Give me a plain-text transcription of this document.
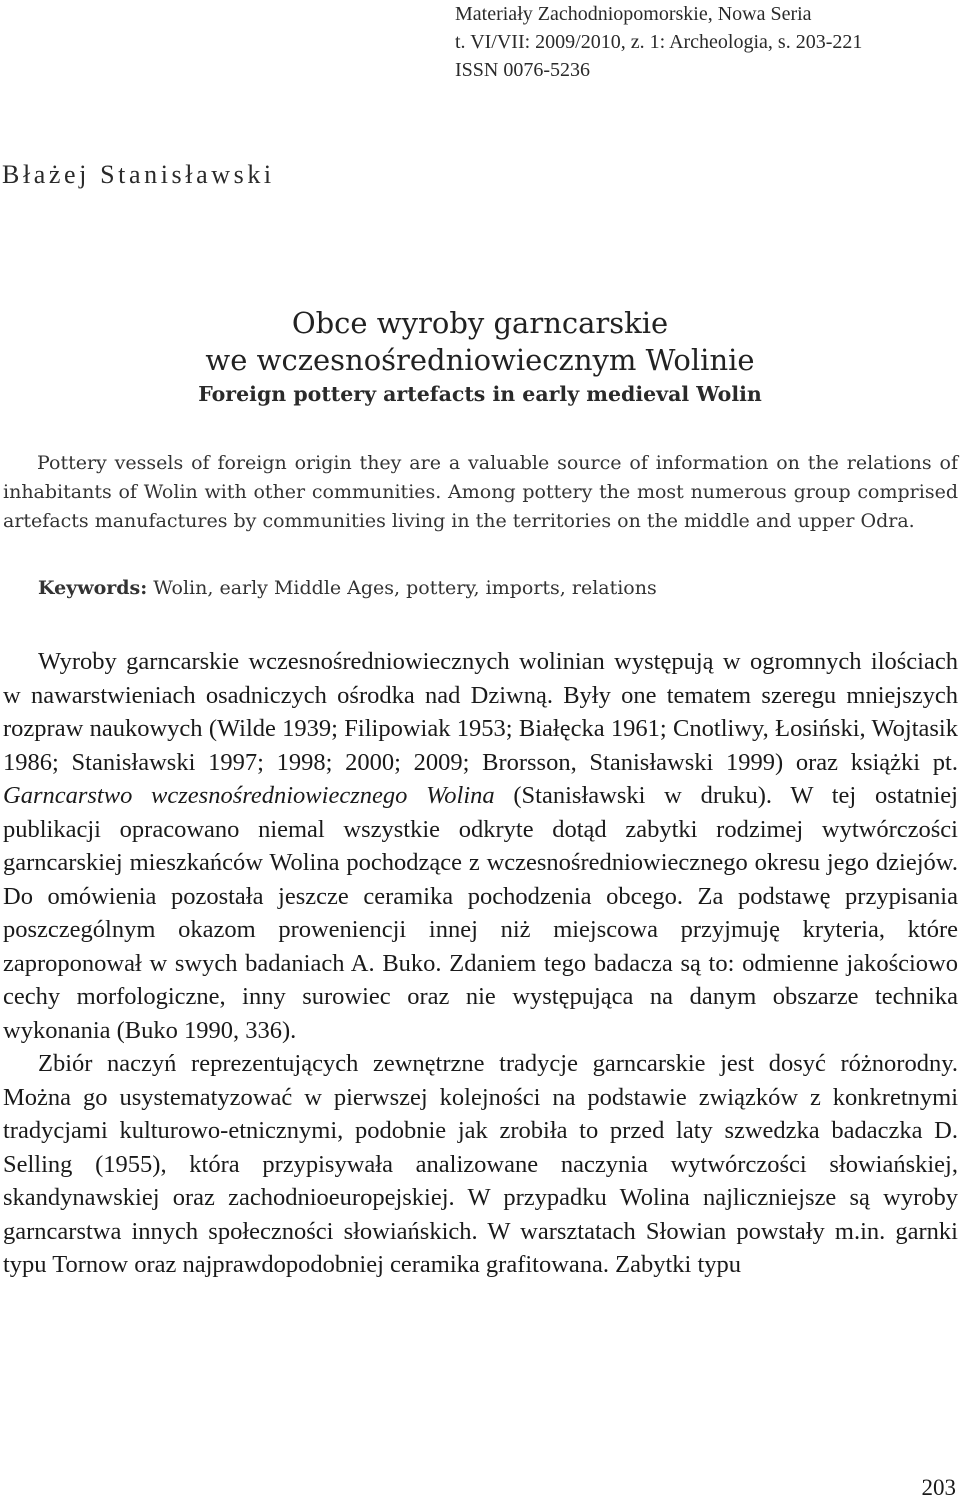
Materiały Zachodniopomorskie, Nowa Seria
t. VI/VII: 2009/2010, z. 1: Archeologia, s. 203-221
ISSN 0076-5236
Błażej Stanisławski
Obce wyroby garncarskie
we wczesnośredniowiecznym Wolinie
Foreign pottery artefacts in early medieval Wolin

Pottery vessels of foreign origin they are a valuable source of information on the relations of inhabitants of Wolin with other communities. Among pottery the most numerous group comprised artefacts manufactures by communities living in the territories on the middle and upper Odra.

Keywords: Wolin, early Middle Ages, pottery, imports, relations

Wyroby garncarskie wczesnośredniowiecznych wolinian występują w ogromnych ilościach w nawarstwieniach osadniczych ośrodka nad Dziwną. Były one tematem szeregu mniejszych rozpraw naukowych (Wilde 1939; Filipowiak 1953; Białęcka 1961; Cnotliwy, Łosiński, Wojtasik 1986; Stanisławski 1997; 1998; 2000; 2009; Brorsson, Stanisławski 1999) oraz książki pt. Garncarstwo wczesnośredniowiecznego Wolina (Stanisławski w druku). W tej ostatniej publikacji opracowano niemal wszystkie odkryte dotąd zabytki rodzimej wytwórczości garncarskiej mieszkańców Wolina pochodzące z wczesnośredniowiecznego okresu jego dziejów. Do omówienia pozostała jeszcze ceramika pochodzenia obcego. Za podstawę przypisania poszczególnym okazom proweniencji innej niż miejscowa przyjmuję kryteria, które zaproponował w swych badaniach A. Buko. Zdaniem tego badacza są to: odmienne jakościowo cechy morfologiczne, inny surowiec oraz nie występująca na danym obszarze technika wykonania (Buko 1990, 336).

Zbiór naczyń reprezentujących zewnętrzne tradycje garncarskie jest dosyć różnorodny. Można go usystematyzować w pierwszej kolejności na podstawie związków z konkretnymi tradycjami kulturowo-etnicznymi, podobnie jak zrobiła to przed laty szwedzka badaczka D. Selling (1955), która przypisywała analizowane naczynia wytwórczości słowiańskiej, skandynawskiej oraz zachodnioeuropejskiej. W przypadku Wolina najliczniejsze są wyroby garncarstwa innych społeczności słowiańskich. W warsztatach Słowian powstały m.in. garnki typu Tornow oraz najprawdopodobniej ceramika grafitowana. Zabytki typu

203
